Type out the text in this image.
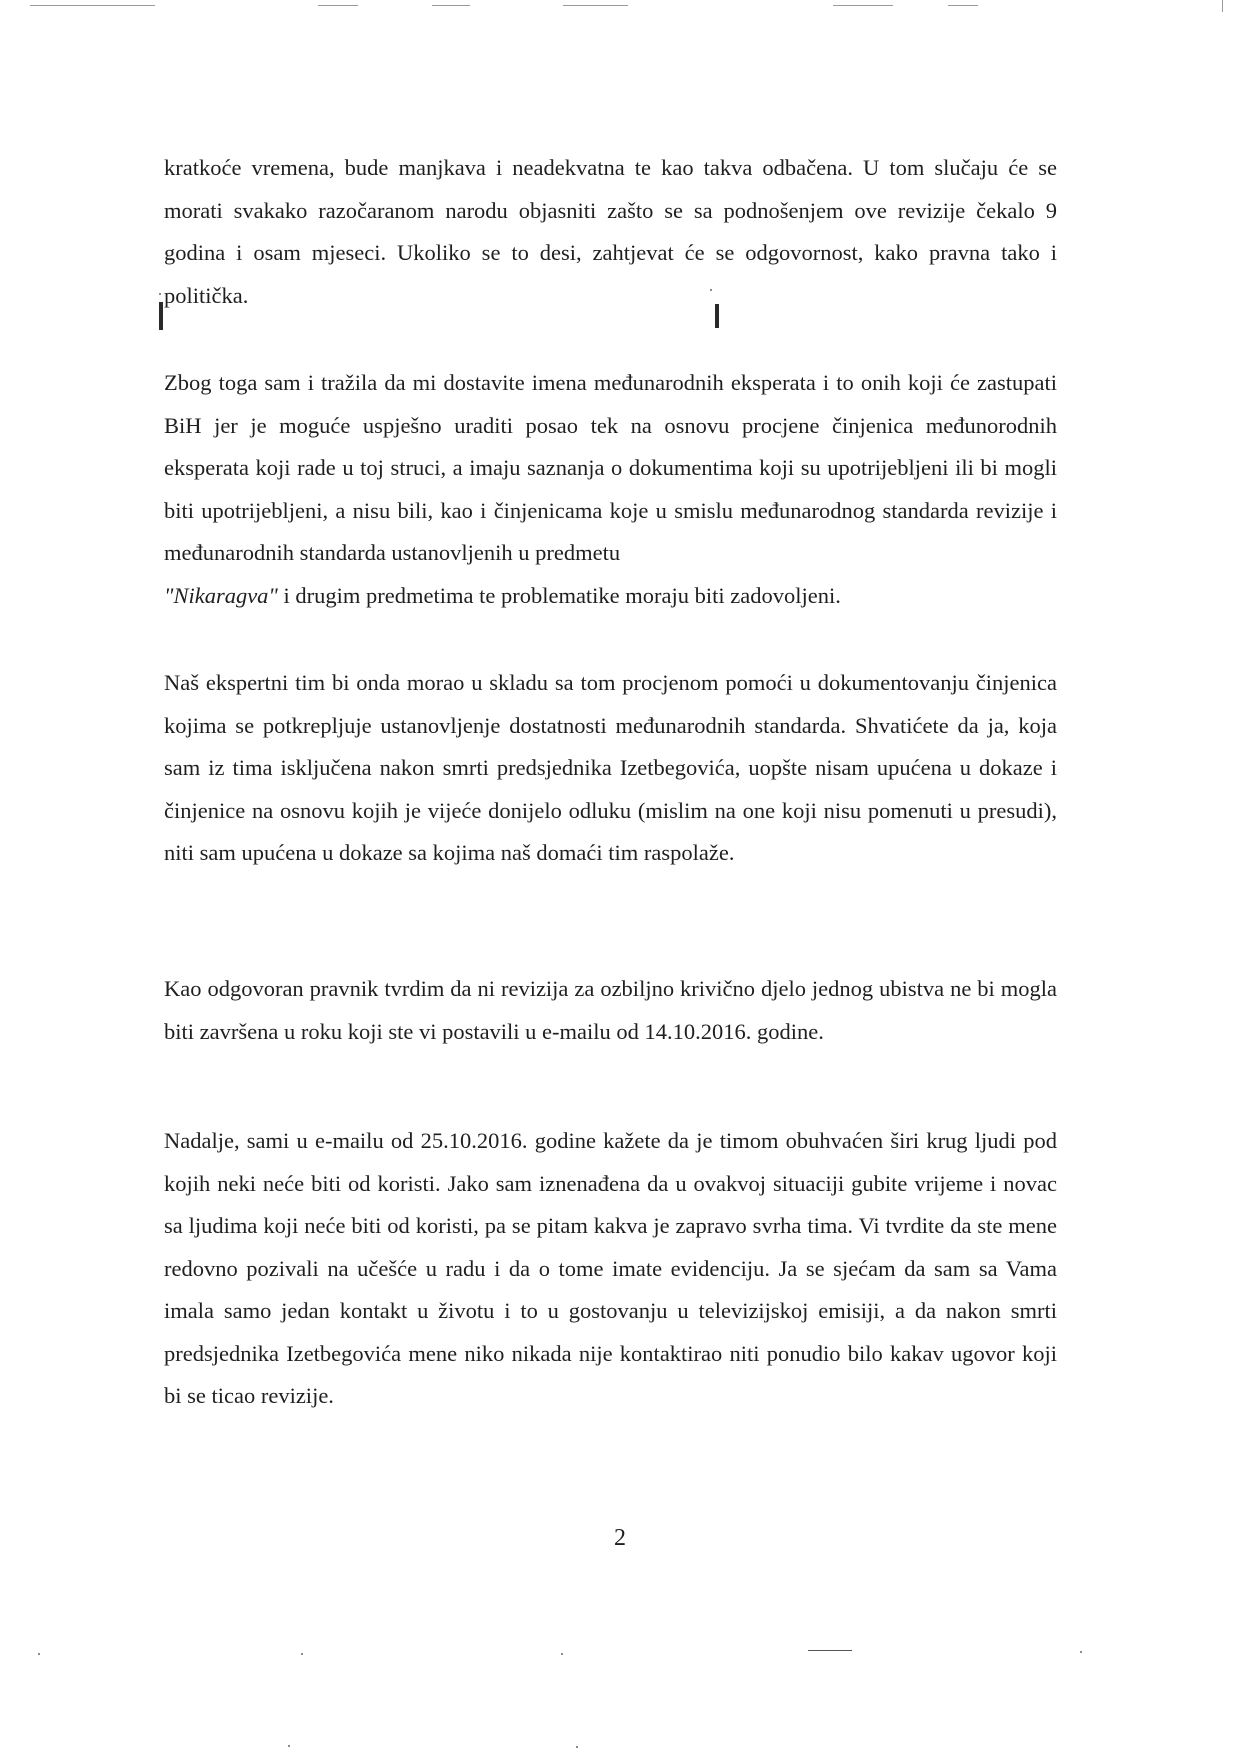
kratkoće vremena, bude manjkava i neadekvatna te kao takva odbačena. U tom slučaju će se morati svakako razočaranom narodu objasniti zašto se sa podnošenjem ove revizije čekalo 9 godina i osam mjeseci. Ukoliko se to desi, zahtjevat će se odgovornost, kako pravna tako i politička.

Zbog toga sam i tražila da mi dostavite imena međunarodnih eksperata i to onih koji će zastupati BiH jer je moguće uspješno uraditi posao tek na osnovu procjene činjenica međunorodnih eksperata koji rade u toj struci, a imaju saznanja o dokumentima koji su upotrijebljeni ili bi mogli biti upotrijebljeni, a nisu bili, kao i činjenicama koje u smislu međunarodnog standarda revizije i međunarodnih standarda ustanovljenih u predmetu
"Nikaragva" i drugim predmetima te problematike moraju biti zadovoljeni.

Naš ekspertni tim bi onda morao u skladu sa tom procjenom pomoći u dokumentovanju činjenica kojima se potkrepljuje ustanovljenje dostatnosti međunarodnih standarda. Shvatićete da ja, koja sam iz tima isključena nakon smrti predsjednika Izetbegovića, uopšte nisam upućena u dokaze i činjenice na osnovu kojih je vijeće donijelo odluku (mislim na one koji nisu pomenuti u presudi), niti sam upućena u dokaze sa kojima naš domaći tim raspolaže.

Kao odgovoran pravnik tvrdim da ni revizija za ozbiljno krivično djelo jednog ubistva ne bi mogla biti završena u roku koji ste vi postavili u e-mailu od 14.10.2016. godine.

Nadalje, sami u e-mailu od 25.10.2016. godine kažete da je timom obuhvaćen širi krug ljudi pod kojih neki neće biti od koristi. Jako sam iznenađena da u ovakvoj situaciji gubite vrijeme i novac sa ljudima koji neće biti od koristi, pa se pitam kakva je zapravo svrha tima. Vi tvrdite da ste mene redovno pozivali na učešće u radu i da o tome imate evidenciju. Ja se sjećam da sam sa Vama imala samo jedan kontakt u životu i to u gostovanju u televizijskoj emisiji, a da nakon smrti predsjednika Izetbegovića mene niko nikada nije kontaktirao niti ponudio bilo kakav ugovor koji bi se ticao revizije.

2
